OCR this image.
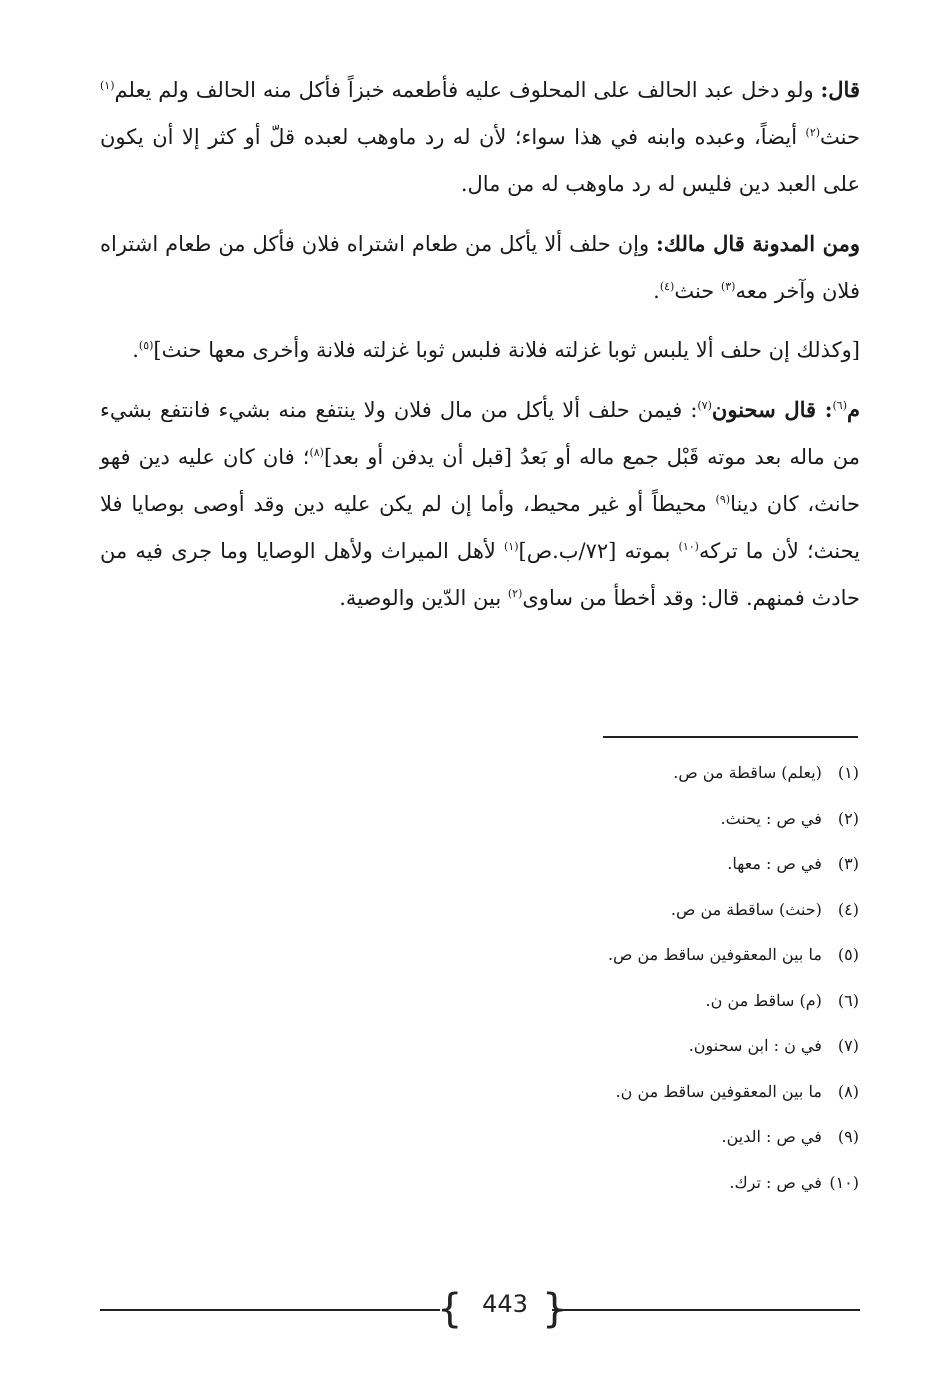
قال: ولو دخل عبد الحالف على المحلوف عليه فأطعمه خبزاً فأكل منه الحالف ولم يعلم$^{(١)}$ حنث$^{(٢)}$ أيضاً، وعبده وابنه في هذا سواء؛ لأن له رد ماوهب لعبده قلّ أو كثر إلا أن يكون على العبد دين فليس له رد ماوهب له من مال.

ومن المدونة قال مالك: وإن حلف ألا يأكل من طعام اشتراه فلان فأكل من طعام اشتراه فلان وآخر معه$^{(٣)}$ حنث$^{(٤)}$.

[وكذلك إن حلف ألا يلبس ثوبا غزلته فلانة فلبس ثوبا غزلته فلانة وأخرى معها حنث]$^{(٥)}$.

م$^{(٦)}$: قال سحنون$^{(٧)}$: فيمن حلف ألا يأكل من مال فلان ولا ينتفع منه بشيء فانتفع بشيء من ماله بعد موته قَبْل جمع ماله أو بَعدُ [قبل أن يدفن أو بعد]$^{(٨)}$؛ فان كان عليه دين فهو حانث، كان دينا$^{(٩)}$ محيطاً أو غير محيط، وأما إن لم يكن عليه دين وقد أوصى بوصايا فلا يحنث؛ لأن ما تركه$^{(١٠)}$ بموته [٧٢/ب.ص]$^{(١)}$ لأهل الميراث ولأهل الوصايا وما جرى فيه من حادث فمنهم. قال: وقد أخطأ من ساوى$^{(٢)}$ بين الدّين والوصية.

(١) (يعلم) ساقطة من ص.
(٢) في ص : يحنث.
(٣) في ص : معها.
(٤) (حنث) ساقطة من ص.
(٥) ما بين المعقوفين ساقط من ص.
(٦) (م) ساقط من ن.
(٧) في ن : ابن سحنون.
(٨) ما بين المعقوفين ساقط من ن.
(٩) في ص : الدين.
(١٠) في ص : ترك.
{ 443 }
